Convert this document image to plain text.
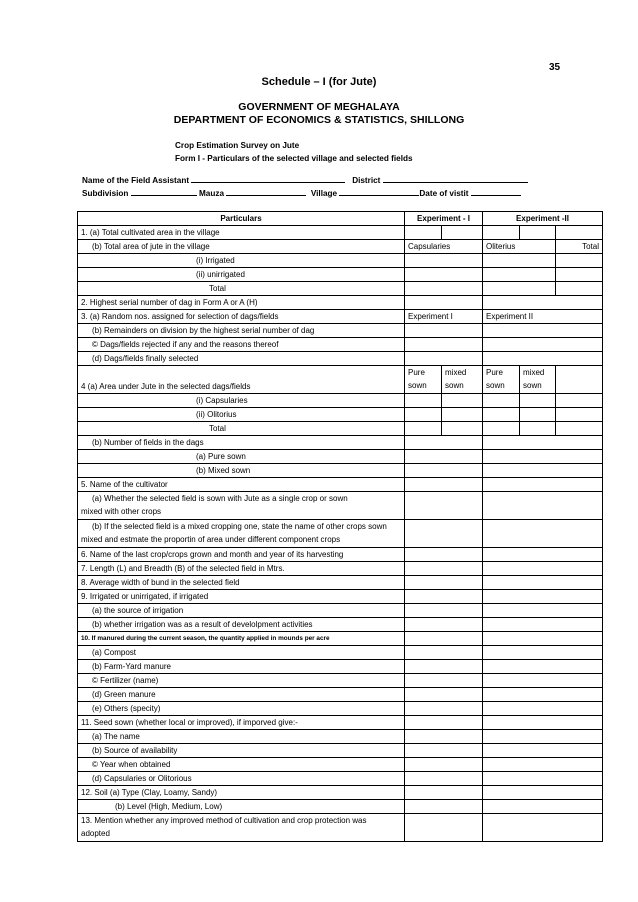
35
Schedule – I (for Jute)
GOVERNMENT OF MEGHALAYA
DEPARTMENT OF ECONOMICS & STATISTICS, SHILLONG
Crop Estimation Survey on Jute
Form I - Particulars of the selected village and selected fields
Name of the Field Assistant	District
Subdivision	Mauza	Village	Date of vistit
Particulars	Experiment - I		Experiment -II		
1. (a) Total cultivated area in the village					
(b) Total area of jute in the village	Capsularies		Oliterius		Total
(i) Irrigated					
(ii) unirrigated					
Total					
2. Highest serial number of dag in Form A or A (H)					
3. (a) Random nos. assigned for selection of dags/fields	Experiment I		Experiment II		
(b) Remainders on division by the highest serial number of dag					
© Dags/fields rejected if any and the reasons thereof					
(d) Dags/fields finally selected					
4 (a) Area under Jute in the selected dags/fields	Pure sown	mixed sown	Pure sown	mixed sown	
(i) Capsularies					
(ii) Olitorius					
Total					
(b) Number of fields in the dags					
(a) Pure sown					
(b) Mixed sown					
5. Name of the cultivator					
(a) Whether the selected field is sown with Jute as a single crop or sown mixed with other crops					
(b) If the selected field is a mixed cropping one, state the name of other crops sown mixed and estmate the proportin of area under different component crops					
6. Name of the last crop/crops grown and month and year of its harvesting					
7. Length (L) and Breadth (B) of the selected field in Mtrs.					
8. Average width of bund in the selected field					
9. Irrigated or unirrigated, if irrigated					
(a) the source of irrigation					
(b) whether irrigation was as a result of develolpment activities					
10. If manured during the current season, the quantity applied in mounds per acre					
(a) Compost					
(b) Farm-Yard manure					
© Fertilizer (name)					
(d) Green manure					
(e) Others (specity)					
11. Seed sown (whether local or improved), if imporved give:-					
(a) The name					
(b) Source of availability					
© Year when obtained					
(d) Capsularies or Olitorious					
12. Soil (a) Type (Clay, Loamy, Sandy)					
(b) Level (High, Medium, Low)					
13. Mention whether any improved method of cultivation and crop protection was adopted					
